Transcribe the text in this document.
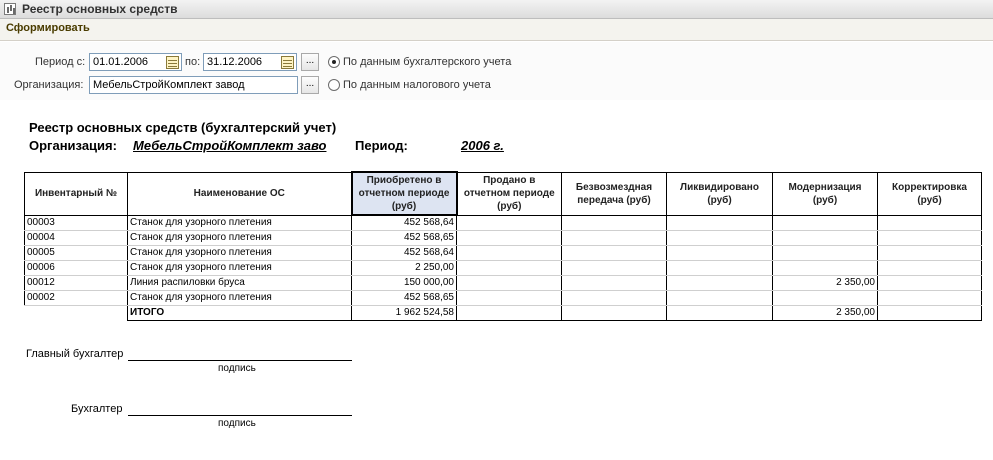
Реестр основных средств
Сформировать
Период с: 01.01.2006	по: 31.12.2006	...	По данным бухгалтерского учета
Организация: МебельСтройКомплект завод	...	По данным налогового учета
Реестр основных средств (бухгалтерский учет)
Организация: МебельСтройКомплект заво	Период:	2006 г.
Инвентарный №	Наименование ОС	Приобретено в отчетном периоде (руб)	Продано в отчетном периоде (руб)	Безвозмездная передача (руб)	Ликвидировано (руб)	Модернизация (руб)	Корректировка (руб)
00003	Станок для узорного плетения	452 568,64					
00004	Станок для узорного плетения	452 568,65					
00005	Станок для узорного плетения	452 568,64					
00006	Станок для узорного плетения	2 250,00					
00012	Линия распиловки бруса	150 000,00				2 350,00	
00002	Станок для узорного плетения	452 568,65					
	ИТОГО	1 962 524,58				2 350,00	
Главный бухгалтер
подпись
Бухгалтер
подпись
